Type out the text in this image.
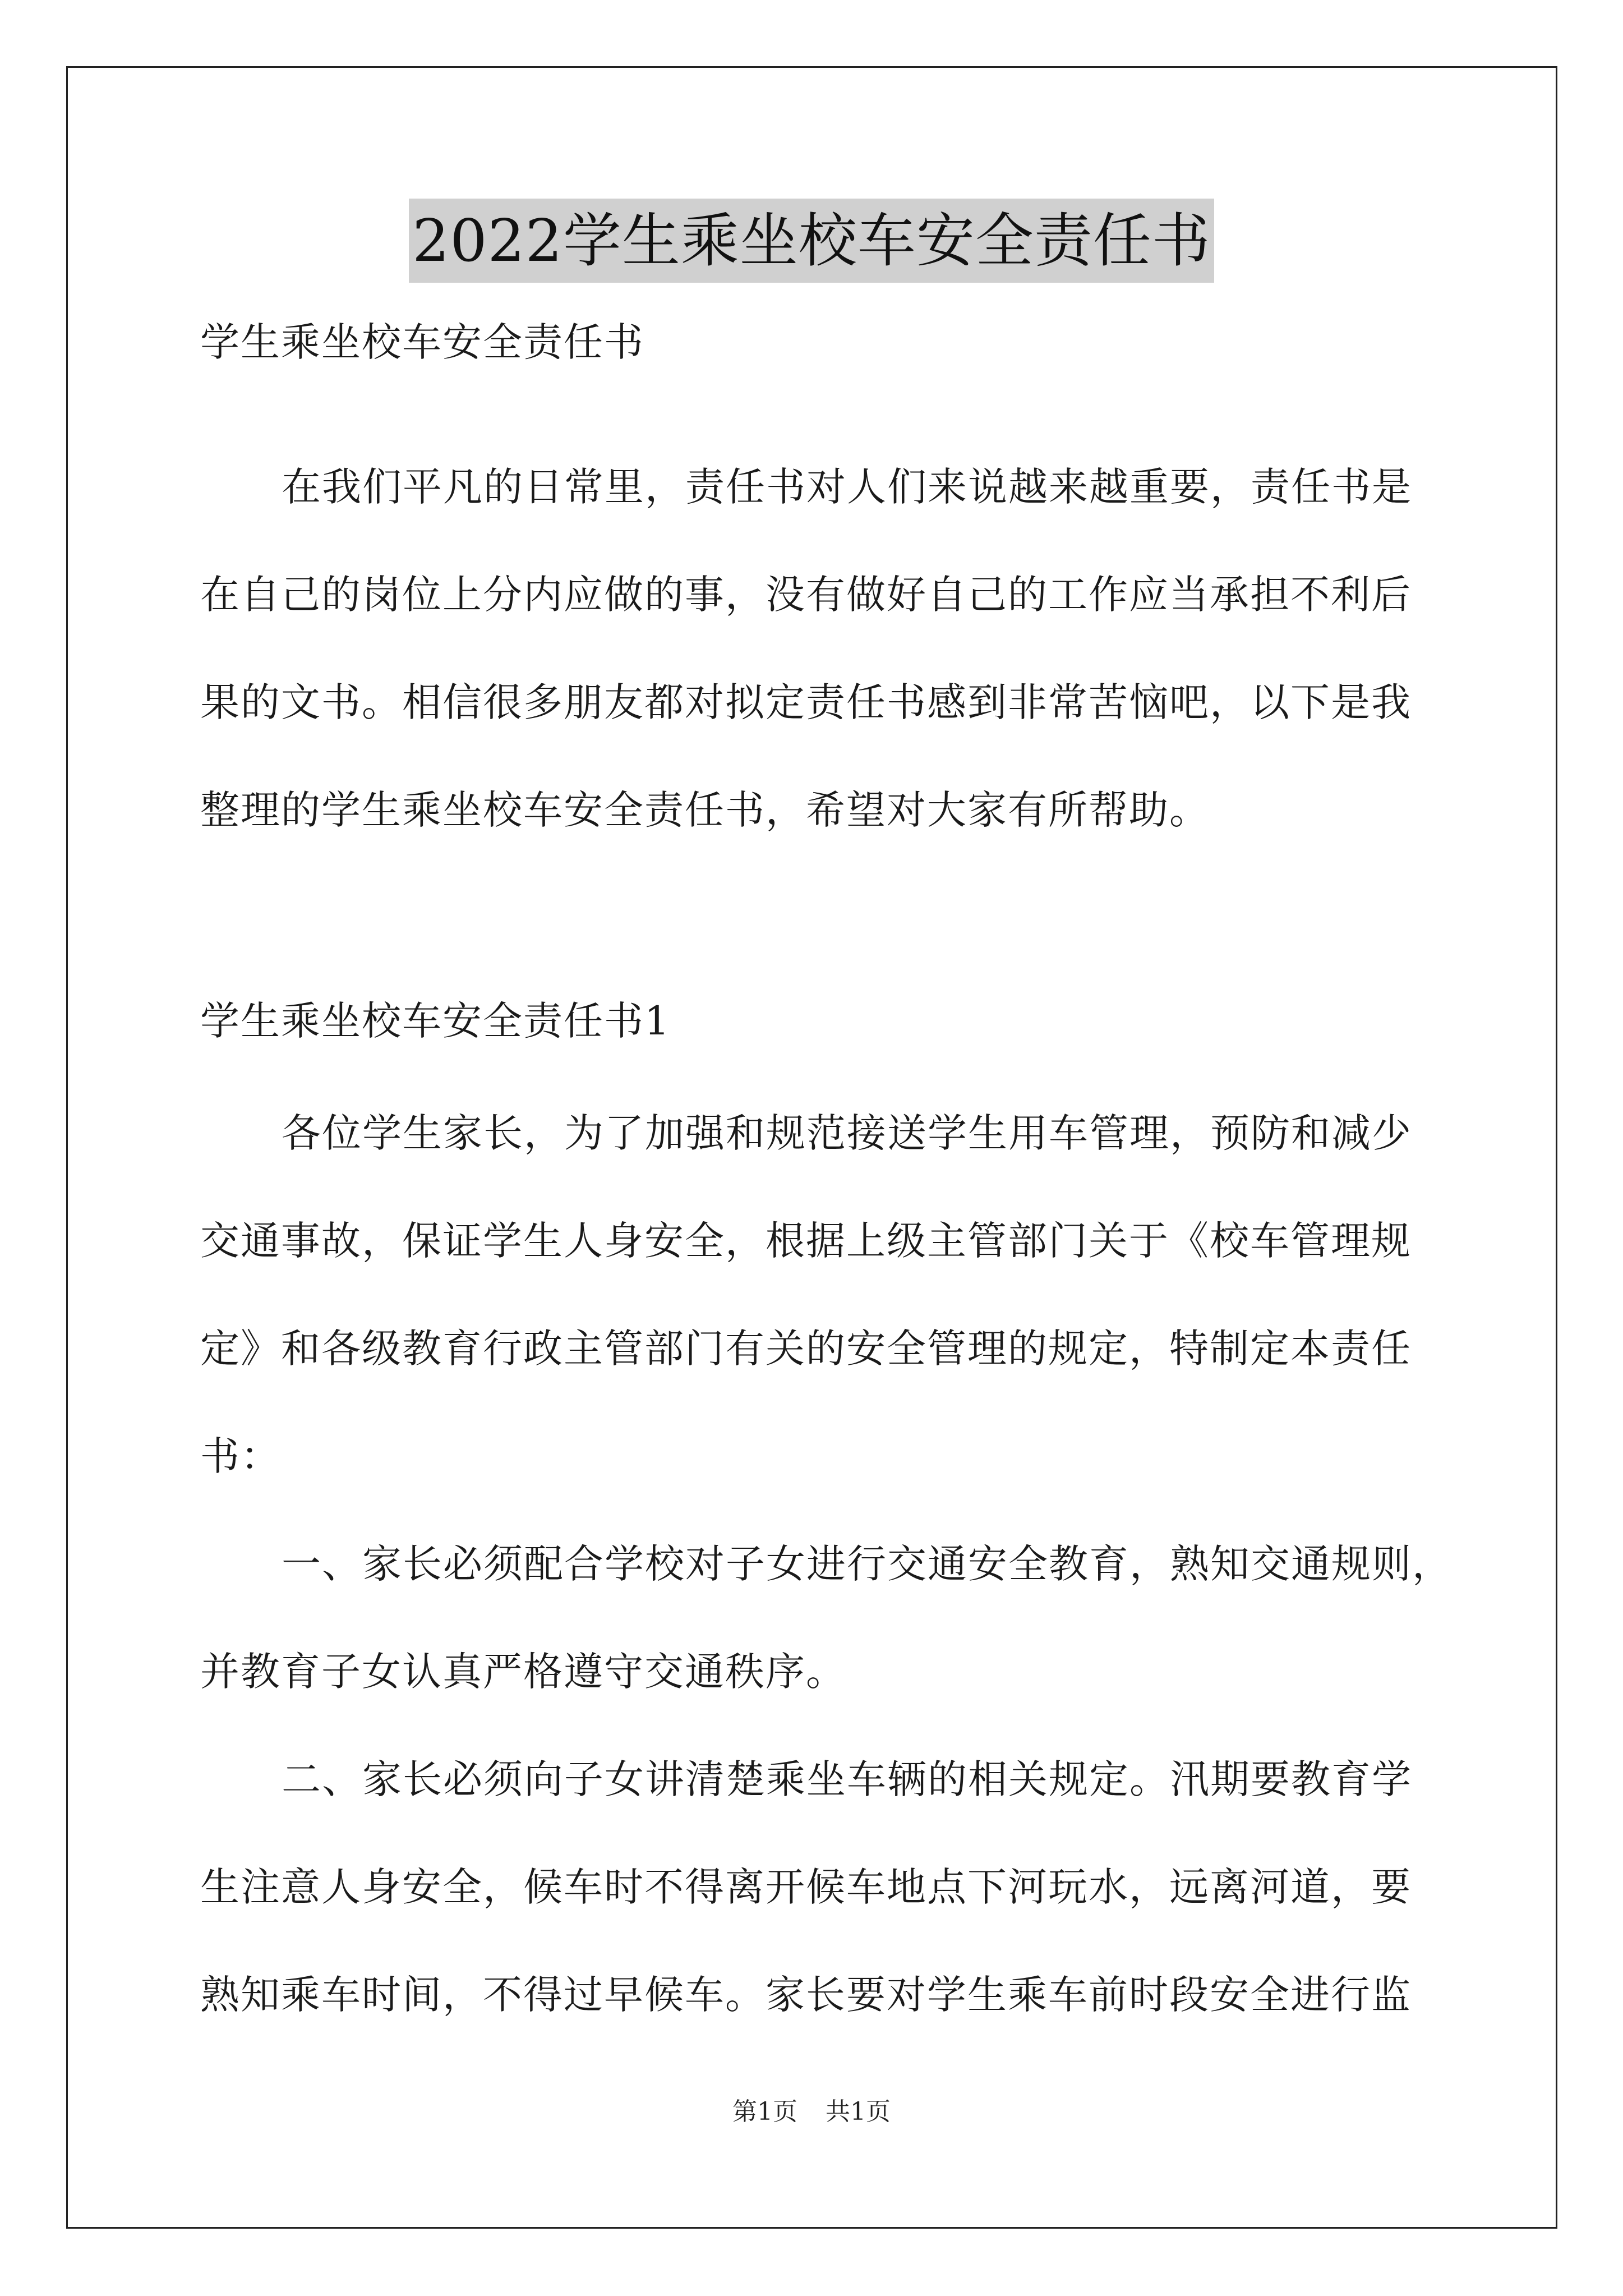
2022学生乘坐校车安全责任书
学生乘坐校车安全责任书
在我们平凡的日常里，责任书对人们来说越来越重要，责任书是
在自己的岗位上分内应做的事，没有做好自己的工作应当承担不利后
果的文书。相信很多朋友都对拟定责任书感到非常苦恼吧，以下是我
整理的学生乘坐校车安全责任书，希望对大家有所帮助。
学生乘坐校车安全责任书1
各位学生家长，为了加强和规范接送学生用车管理，预防和减少
交通事故，保证学生人身安全，根据上级主管部门关于《校车管理规
定》和各级教育行政主管部门有关的安全管理的规定，特制定本责任
书：
一、家长必须配合学校对子女进行交通安全教育，熟知交通规则，
并教育子女认真严格遵守交通秩序。
二、家长必须向子女讲清楚乘坐车辆的相关规定。汛期要教育学
生注意人身安全，候车时不得离开候车地点下河玩水，远离河道，要
熟知乘车时间，不得过早候车。家长要对学生乘车前时段安全进行监
第1页 共1页
